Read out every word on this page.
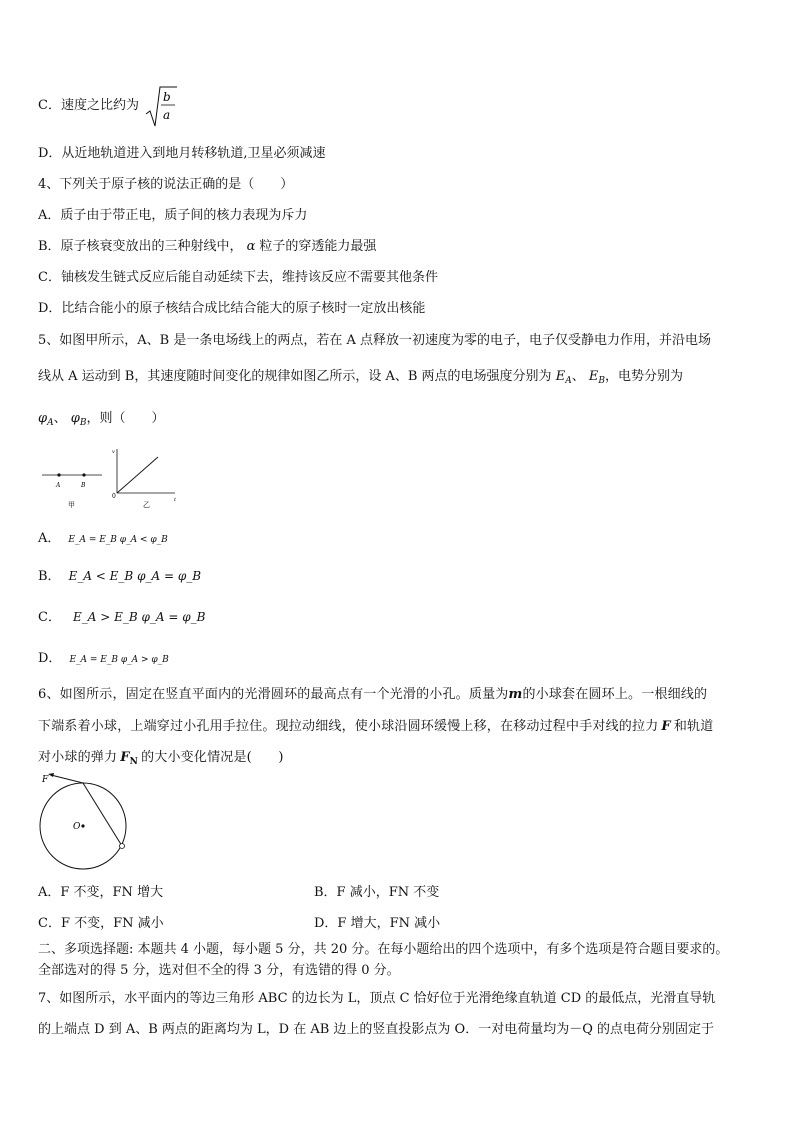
C．速度之比约为
b
a
D．从近地轨道进入到地月转移轨道,卫星必须减速
4、下列关于原子核的说法正确的是（　　）
A．质子由于带正电，质子间的核力表现为斥力
B．原子核衰变放出的三种射线中， α 粒子的穿透能力最强
C．铀核发生链式反应后能自动延续下去，维持该反应不需要其他条件
D．比结合能小的原子核结合成比结合能大的原子核时一定放出核能
5、如图甲所示，A、B 是一条电场线上的两点，若在 A 点释放一初速度为零的电子，电子仅受静电力作用，并沿电场
线从 A 运动到 B，其速度随时间变化的规律如图乙所示，设 A、B 两点的电场强度分别为 $E_A$、 $E_B$，电势分别为
$\varphi_A$、 $\varphi_B$，则（　　）
A	B
甲
v
0	t
乙
A． E_A = E_B φ_A < φ_B
B． E_A < E_B φ_A = φ_B
C． E_A > E_B φ_A = φ_B
D． E_A = E_B φ_A > φ_B
6、如图所示，固定在竖直平面内的光滑圆环的最高点有一个光滑的小孔。质量为m的小球套在圆环上。一根细线的
下端系着小球，上端穿过小孔用手拉住。现拉动细线，使小球沿圆环缓慢上移，在移动过程中手对线的拉力 F 和轨道
对小球的弹力 $F_N$ 的大小变化情况是(　　)
F
O
A．F 不变，FN 增大	B．F 减小，FN 不变
C．F 不变，FN 减小	D．F 增大，FN 减小
二、多项选择题: 本题共 4 小题，每小题 5 分，共 20 分。在每小题给出的四个选项中，有多个选项是符合题目要求的。
全部选对的得 5 分，选对但不全的得 3 分，有选错的得 0 分。
7、如图所示，水平面内的等边三角形 ABC 的边长为 L，顶点 C 恰好位于光滑绝缘直轨道 CD 的最低点，光滑直导轨
的上端点 D 到 A、B 两点的距离均为 L，D 在 AB 边上的竖直投影点为 O．一对电荷量均为－Q 的点电荷分别固定于
